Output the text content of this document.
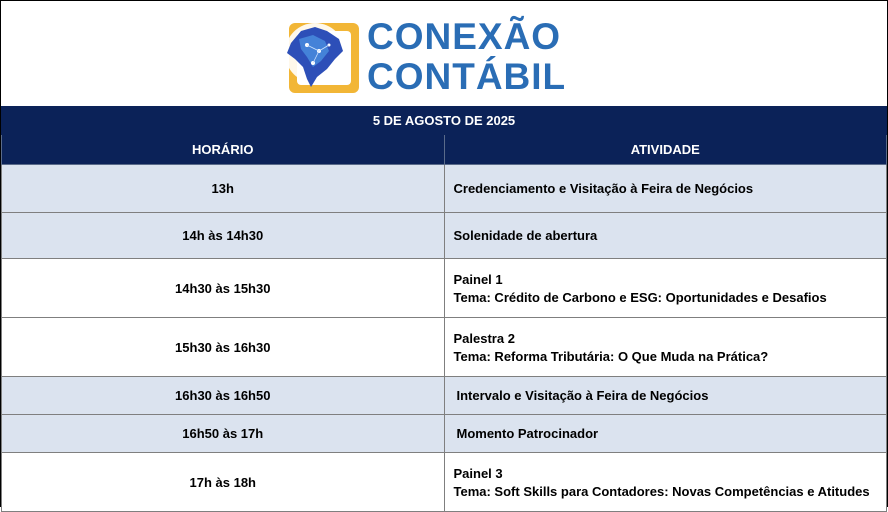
CONEXÃO
CONTÁBIL
5 DE AGOSTO DE 2025	
HORÁRIO	ATIVIDADE
13h	Credenciamento e Visitação à Feira de Negócios

14h às 14h30	Solenidade de abertura

14h30 às 15h30	Painel 1
Tema: Crédito de Carbono e ESG: Oportunidades e Desafios

15h30 às 16h30	Palestra 2
Tema: Reforma Tributária: O Que Muda na Prática?

16h30 às 16h50	Intervalo e Visitação à Feira de Negócios

16h50 às 17h	Momento Patrocinador

17h às 18h	Painel 3
Tema: Soft Skills para Contadores: Novas Competências e Atitudes
